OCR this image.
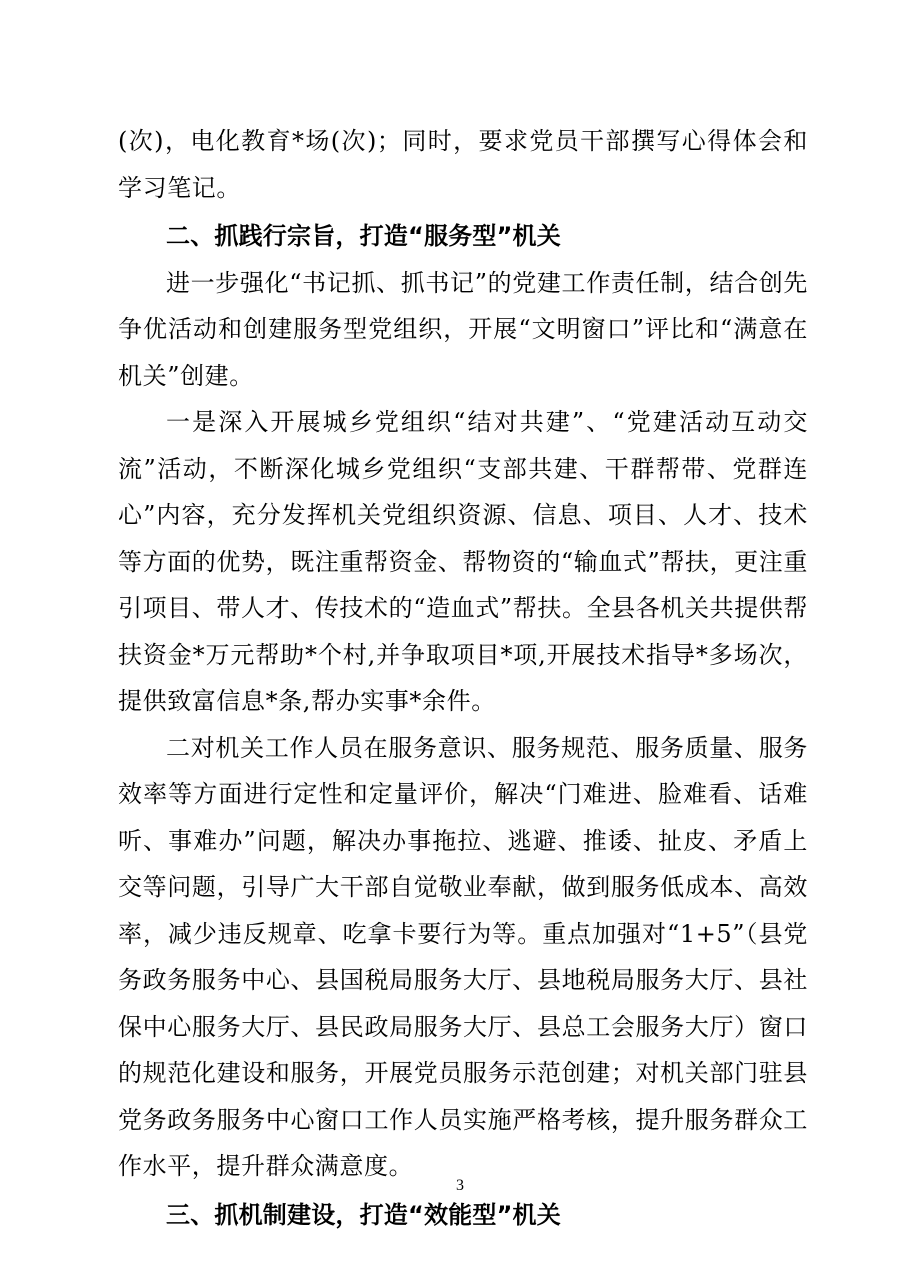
(次)，电化教育*场(次)；同时，要求党员干部撰写心得体会和学习笔记。

二、抓践行宗旨，打造“服务型”机关

进一步强化“书记抓、抓书记”的党建工作责任制，结合创先争优活动和创建服务型党组织，开展“文明窗口”评比和“满意在机关”创建。

一是深入开展城乡党组织“结对共建”、“党建活动互动交流”活动，不断深化城乡党组织“支部共建、干群帮带、党群连心”内容，充分发挥机关党组织资源、信息、项目、人才、技术等方面的优势，既注重帮资金、帮物资的“输血式”帮扶，更注重引项目、带人才、传技术的“造血式”帮扶。全县各机关共提供帮扶资金*万元帮助*个村,并争取项目*项,开展技术指导*多场次，提供致富信息*条,帮办实事*余件。

二对机关工作人员在服务意识、服务规范、服务质量、服务效率等方面进行定性和定量评价，解决“门难进、脸难看、话难听、事难办”问题，解决办事拖拉、逃避、推诿、扯皮、矛盾上交等问题，引导广大干部自觉敬业奉献，做到服务低成本、高效率，减少违反规章、吃拿卡要行为等。重点加强对“1+5”（县党务政务服务中心、县国税局服务大厅、县地税局服务大厅、县社保中心服务大厅、县民政局服务大厅、县总工会服务大厅）窗口的规范化建设和服务，开展党员服务示范创建；对机关部门驻县党务政务服务中心窗口工作人员实施严格考核，提升服务群众工作水平，提升群众满意度。

三、抓机制建设，打造“效能型”机关

3
